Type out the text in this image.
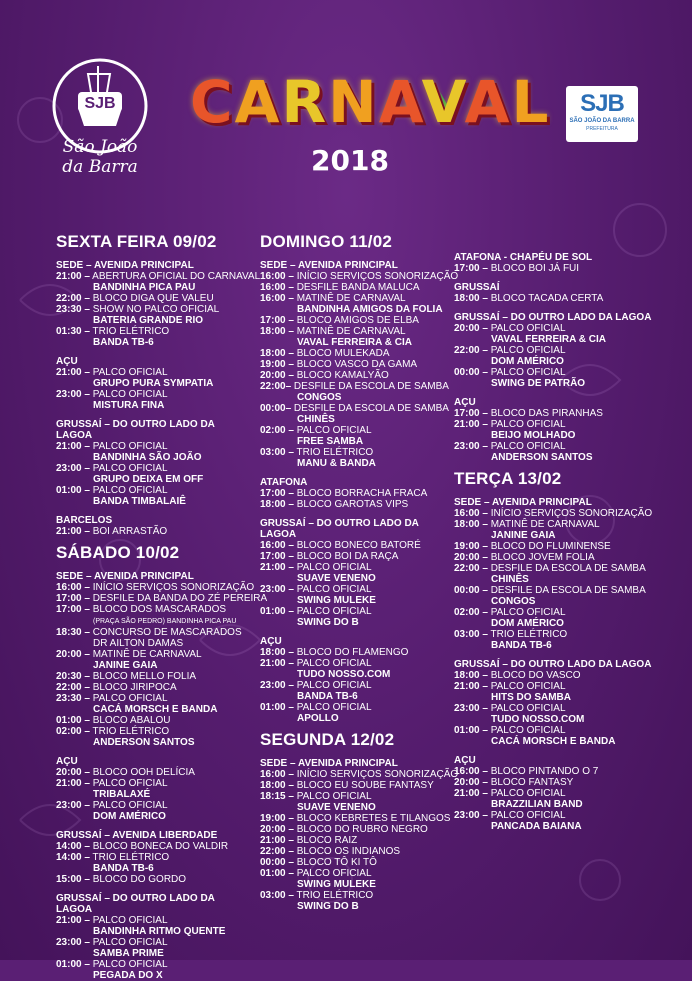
SJB
São João
da Barra
CARNAVAL
2018
SJB
SÃO JOÃO DA BARRA
PREFEITURA
SEXTA FEIRA 09/02
SEDE – AVENIDA PRINCIPAL
21:00 – ABERTURA OFICIAL DO CARNAVAL
BANDINHA PICA PAU
22:00 – BLOCO DIGA QUE VALEU
23:30 – SHOW NO PALCO OFICIAL
BATERIA GRANDE RIO
01:30 – TRIO ELÉTRICO
BANDA TB-6
AÇU
21:00 – PALCO OFICIAL
GRUPO PURA SYMPATIA
23:00 – PALCO OFICIAL
MISTURA FINA
GRUSSAÍ – DO OUTRO LADO DA LAGOA
21:00 – PALCO OFICIAL
BANDINHA SÃO JOÃO
23:00 – PALCO OFICIAL
GRUPO DEIXA EM OFF
01:00 – PALCO OFICIAL
BANDA TIMBALAIÊ
BARCELOS
21:00 – BOI ARRASTÃO
SÁBADO 10/02
SEDE – AVENIDA PRINCIPAL
16:00 – INÍCIO SERVIÇOS SONORIZAÇÃO
17:00 – DESFILE DA BANDA DO ZÉ PEREIRA
17:00 – BLOCO DOS MASCARADOS
(PRAÇA SÃO PEDRO) BANDINHA PICA PAU
18:30 – CONCURSO DE MASCARADOS
DR AILTON DAMAS
20:00 – MATINÊ DE CARNAVAL
JANINE GAIA
20:30 – BLOCO MELLO FOLIA
22:00 – BLOCO JIRIPOCA
23:30 – PALCO OFICIAL
CACÁ MORSCH E BANDA
01:00 – BLOCO ABALOU
02:00 – TRIO ELÉTRICO
ANDERSON SANTOS
AÇU
20:00 – BLOCO OOH DELÍCIA
21:00 – PALCO OFICIAL
TRIBALAXÉ
23:00 – PALCO OFICIAL
DOM AMÉRICO
GRUSSAÍ – AVENIDA LIBERDADE
14:00 – BLOCO BONECA DO VALDIR
14:00 – TRIO ELÉTRICO
BANDA TB-6
15:00 – BLOCO DO GORDO
GRUSSAÍ – DO OUTRO LADO DA LAGOA
21:00 – PALCO OFICIAL
BANDINHA RITMO QUENTE
23:00 – PALCO OFICIAL
SAMBA PRIME
01:00 – PALCO OFICIAL
PEGADA DO X
DOMINGO 11/02
SEDE – AVENIDA PRINCIPAL
16:00 – INÍCIO SERVIÇOS SONORIZAÇÃO
16:00 – DESFILE BANDA MALUCA
16:00 – MATINÊ DE CARNAVAL
BANDINHA AMIGOS DA FOLIA
17:00 – BLOCO AMIGOS DE ELBA
18:00 – MATINÊ DE CARNAVAL
VAVAL FERREIRA & CIA
18:00 – BLOCO MULEKADA
19:00 – BLOCO VASCO DA GAMA
20:00 – BLOCO KAMALYÃO
22:00– DESFILE DA ESCOLA DE SAMBA
CONGOS
00:00– DESFILE DA ESCOLA DE SAMBA
CHINÊS
02:00 – PALCO OFICIAL
FREE SAMBA
03:00 – TRIO ELÉTRICO
MANU & BANDA
ATAFONA
17:00 – BLOCO BORRACHA FRACA
18:00 – BLOCO GAROTAS VIPS
GRUSSAÍ – DO OUTRO LADO DA LAGOA
16:00 – BLOCO BONECO BATORÉ
17:00 – BLOCO BOI DA RAÇA
21:00 – PALCO OFICIAL
SUAVE VENENO
23:00 – PALCO OFICIAL
SWING MULEKE
01:00 – PALCO OFICIAL
SWING DO B
AÇU
18:00 – BLOCO DO FLAMENGO
21:00 – PALCO OFICIAL
TUDO NOSSO.COM
23:00 – PALCO OFICIAL
BANDA TB-6
01:00 – PALCO OFICIAL
APOLLO
SEGUNDA 12/02
SEDE – AVENIDA PRINCIPAL
16:00 – INÍCIO SERVIÇOS SONORIZAÇÃO
18:00 – BLOCO EU SOUBE FANTASY
18:15 – PALCO OFICIAL
SUAVE VENENO
19:00 – BLOCO KEBRETES E TILANGOS
20:00 – BLOCO DO RUBRO NEGRO
21:00 – BLOCO RAIZ
22:00 – BLOCO OS INDIANOS
00:00 – BLOCO TÔ KI TÔ
01:00 – PALCO OFICIAL
SWING MULEKE
03:00 – TRIO ELÉTRICO
SWING DO B
ATAFONA - CHAPÉU DE SOL
17:00 – BLOCO BOI JÁ FUI
GRUSSAÍ
18:00 – BLOCO TACADA CERTA
GRUSSAÍ – DO OUTRO LADO DA LAGOA
20:00 – PALCO OFICIAL
VAVAL FERREIRA & CIA
22:00 – PALCO OFICIAL
DOM AMÉRICO
00:00 – PALCO OFICIAL
SWING DE PATRÃO
AÇU
17:00 – BLOCO DAS PIRANHAS
21:00 – PALCO OFICIAL
BEIJO MOLHADO
23:00 – PALCO OFICIAL
ANDERSON SANTOS
TERÇA 13/02
SEDE – AVENIDA PRINCIPAL
16:00 – INÍCIO SERVIÇOS SONORIZAÇÃO
18:00 – MATINÊ DE CARNAVAL
JANINE GAIA
19:00 – BLOCO DO FLUMINENSE
20:00 – BLOCO JOVEM FOLIA
22:00 – DESFILE DA ESCOLA DE SAMBA
CHINÊS
00:00 – DESFILE DA ESCOLA DE SAMBA
CONGOS
02:00 – PALCO OFICIAL
DOM AMÉRICO
03:00 – TRIO ELÉTRICO
BANDA TB-6
GRUSSAÍ – DO OUTRO LADO DA LAGOA
18:00 – BLOCO DO VASCO
21:00 – PALCO OFICIAL
HITS DO SAMBA
23:00 – PALCO OFICIAL
TUDO NOSSO.COM
01:00 – PALCO OFICIAL
CACÁ MORSCH E BANDA
AÇU
16:00 – BLOCO PINTANDO O 7
20:00 – BLOCO FANTASY
21:00 – PALCO OFICIAL
BRAZZILIAN BAND
23:00 – PALCO OFICIAL
PANCADA BAIANA
